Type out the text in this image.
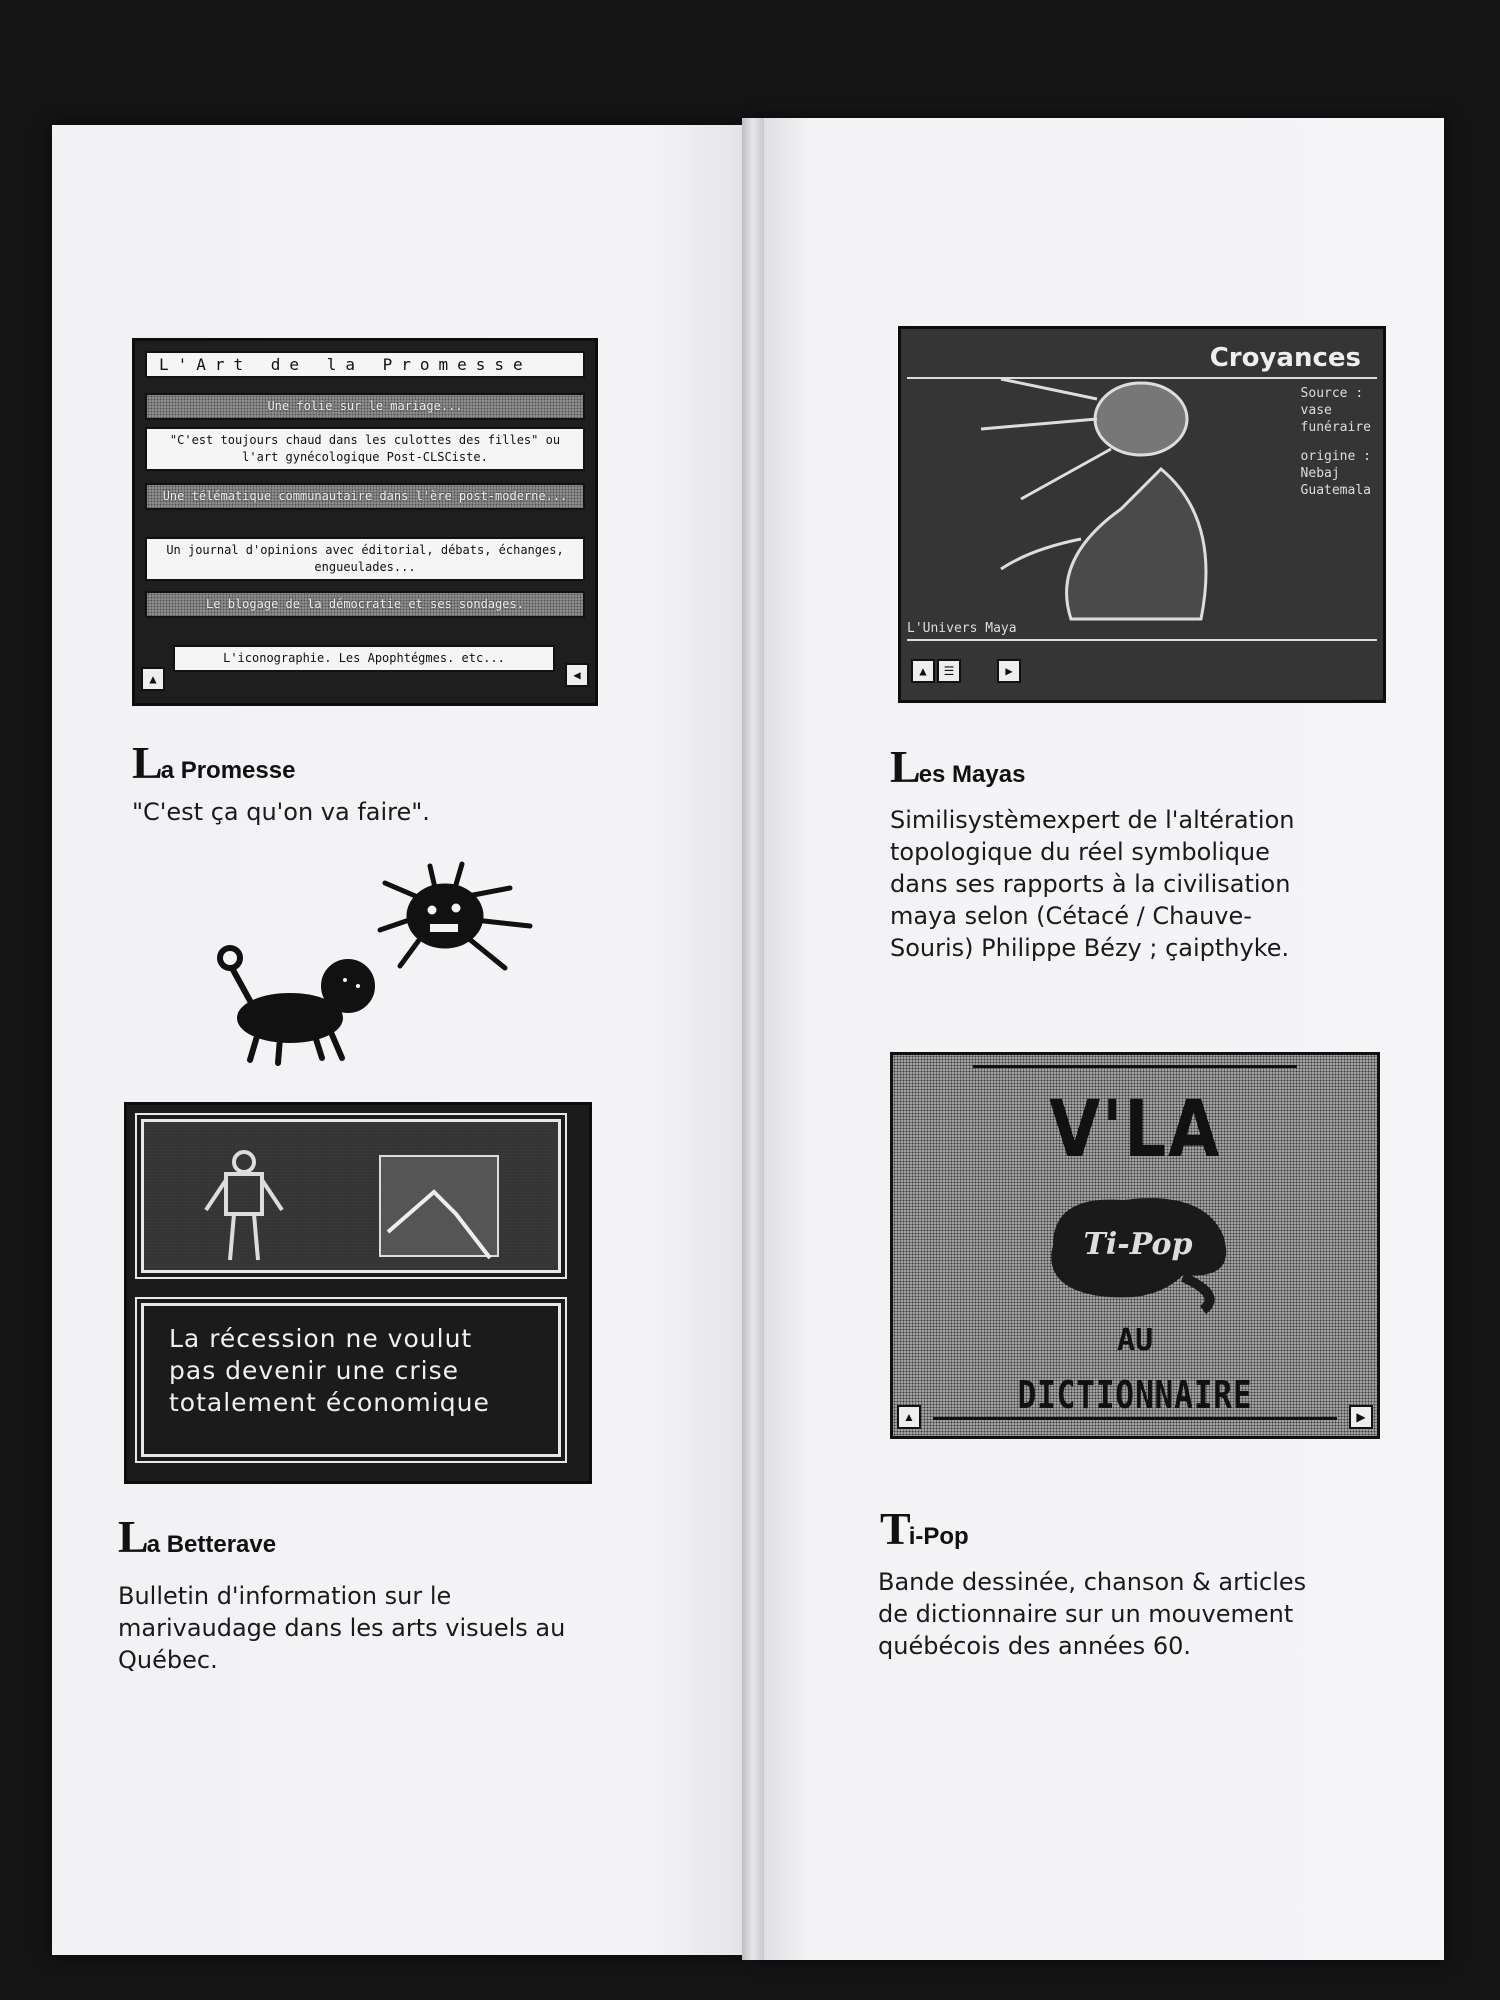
L'Art de la Promesse
Une folie sur le mariage...
"C'est toujours chaud dans les culottes des filles" ou l'art gynécologique Post-CLSCiste.
Une télématique communautaire dans l'ère post-moderne...
Un journal d'opinions avec éditorial, débats, échanges, engueulades...
Le blogage de la démocratie et ses sondages.
L'iconographie. Les Apophtégmes. etc...
▲	◀
La Promesse
"C'est ça qu'on va faire".
La récession ne voulut
pas devenir une crise
totalement économique
La Betterave
Bulletin d'information sur le
marivaudage dans les arts visuels au
Québec.
Croyances
Source :
vase
funéraire
origine :
Nebaj
Guatemala
L'Univers Maya
▲	☰	▶
Les Mayas
Similisystèmexpert de l'altération
topologique du réel symbolique
dans ses rapports à la civilisation
maya selon (Cétacé / Chauve-
Souris) Philippe Bézy ; çaipthyke.
V'LA
Ti-Pop
AU
DICTIONNAIRE
▲	▶
Ti-Pop
Bande dessinée, chanson & articles
de dictionnaire sur un mouvement
québécois des années 60.
